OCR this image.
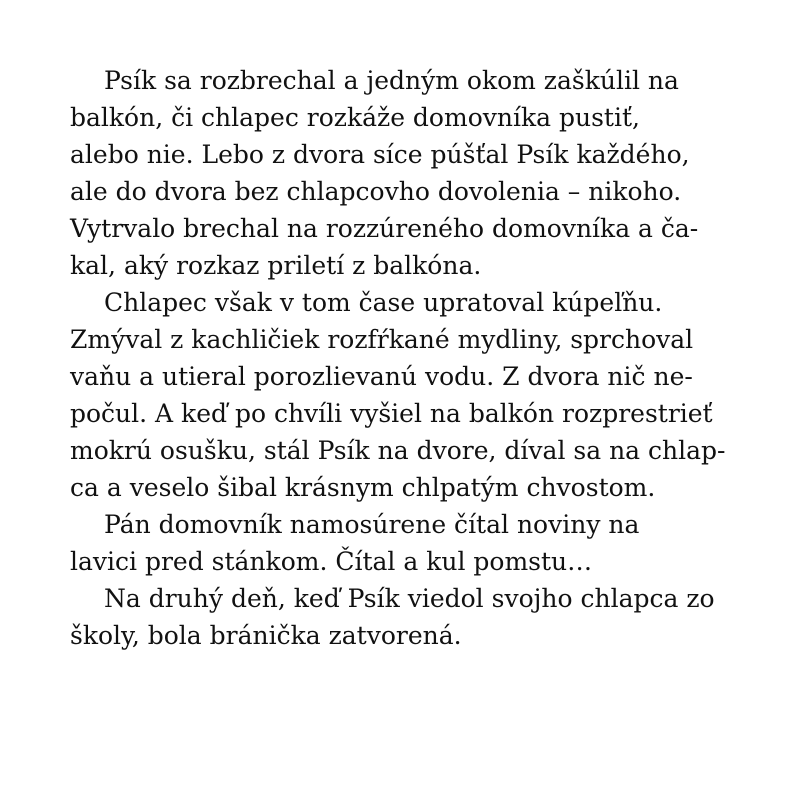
Psík sa rozbrechal a jedným okom zaškúlil na
balkón, či chlapec rozkáže domovníka pustiť,
alebo nie. Lebo z dvora síce púšťal Psík každého,
ale do dvora bez chlapcovho dovolenia – nikoho.
Vytrvalo brechal na rozzúreného domovníka a ča-
kal, aký rozkaz priletí z balkóna.
Chlapec však v tom čase upratoval kúpeľňu.
Zmýval z kachličiek rozfŕkané mydliny, sprchoval
vaňu a utieral porozlievanú vodu. Z dvora nič ne-
počul. A keď po chvíli vyšiel na balkón rozprestrieť
mokrú osušku, stál Psík na dvore, díval sa na chlap-
ca a veselo šibal krásnym chlpatým chvostom.
Pán domovník namosúrene čítal noviny na
lavici pred stánkom. Čítal a kul pomstu…
Na druhý deň, keď Psík viedol svojho chlapca zo
školy, bola bránička zatvorená.
